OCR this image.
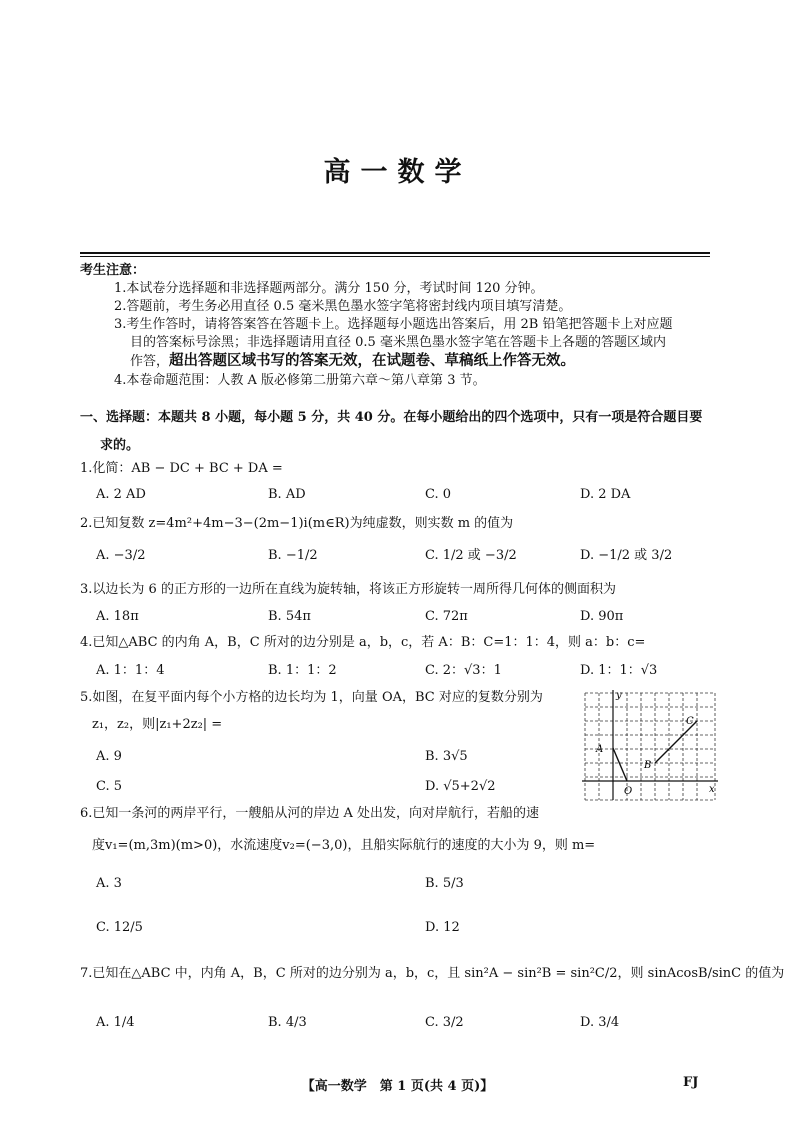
高一数学
考生注意：
1.本试卷分选择题和非选择题两部分。满分 150 分，考试时间 120 分钟。
2.答题前，考生务必用直径 0.5 毫米黑色墨水签字笔将密封线内项目填写清楚。
3.考生作答时，请将答案答在答题卡上。选择题每小题选出答案后，用 2B 铅笔把答题卡上对应题
目的答案标号涂黑；非选择题请用直径 0.5 毫米黑色墨水签字笔在答题卡上各题的答题区域内
作答，超出答题区域书写的答案无效，在试题卷、草稿纸上作答无效。
4.本卷命题范围：人教 A 版必修第二册第六章～第八章第 3 节。
一、选择题：本题共 8 小题，每小题 5 分，共 40 分。在每小题给出的四个选项中，只有一项是符合题目要
求的。
1.化简：AB − DC + BC + DA =
A. 2 AD	B. AD	C. 0	D. 2 DA
2.已知复数 z=4m²+4m−3−(2m−1)i(m∈R)为纯虚数，则实数 m 的值为
A. −3/2	B. −1/2	C. 1/2 或 −3/2	D. −1/2 或 3/2
3.以边长为 6 的正方形的一边所在直线为旋转轴，将该正方形旋转一周所得几何体的侧面积为
A. 18π	B. 54π	C. 72π	D. 90π
4.已知△ABC 的内角 A，B，C 所对的边分别是 a，b，c，若 A：B：C=1：1：4，则 a：b：c=
A. 1：1：4	B. 1：1：2	C. 2：√3：1	D. 1：1：√3
5.如图，在复平面内每个小方格的边长均为 1，向量 OA，BC 对应的复数分别为
z₁，z₂，则|z₁+2z₂| =
A. 9	B. 3√5
C. 5	D. √5+2√2
y
x
O
A
B
C
6.已知一条河的两岸平行，一艘船从河的岸边 A 处出发，向对岸航行，若船的速
度v₁=(m,3m)(m>0)，水流速度v₂=(−3,0)，且船实际航行的速度的大小为 9，则 m=
A. 3	B. 5/3
C. 12/5	D. 12
7.已知在△ABC 中，内角 A，B，C 所对的边分别为 a，b，c，且 sin²A − sin²B = sin²C/2，则 sinAcosB/sinC 的值为
A. 1/4	B. 4/3	C. 3/2	D. 3/4
【高一数学　第 1 页(共 4 页)】	FJ
